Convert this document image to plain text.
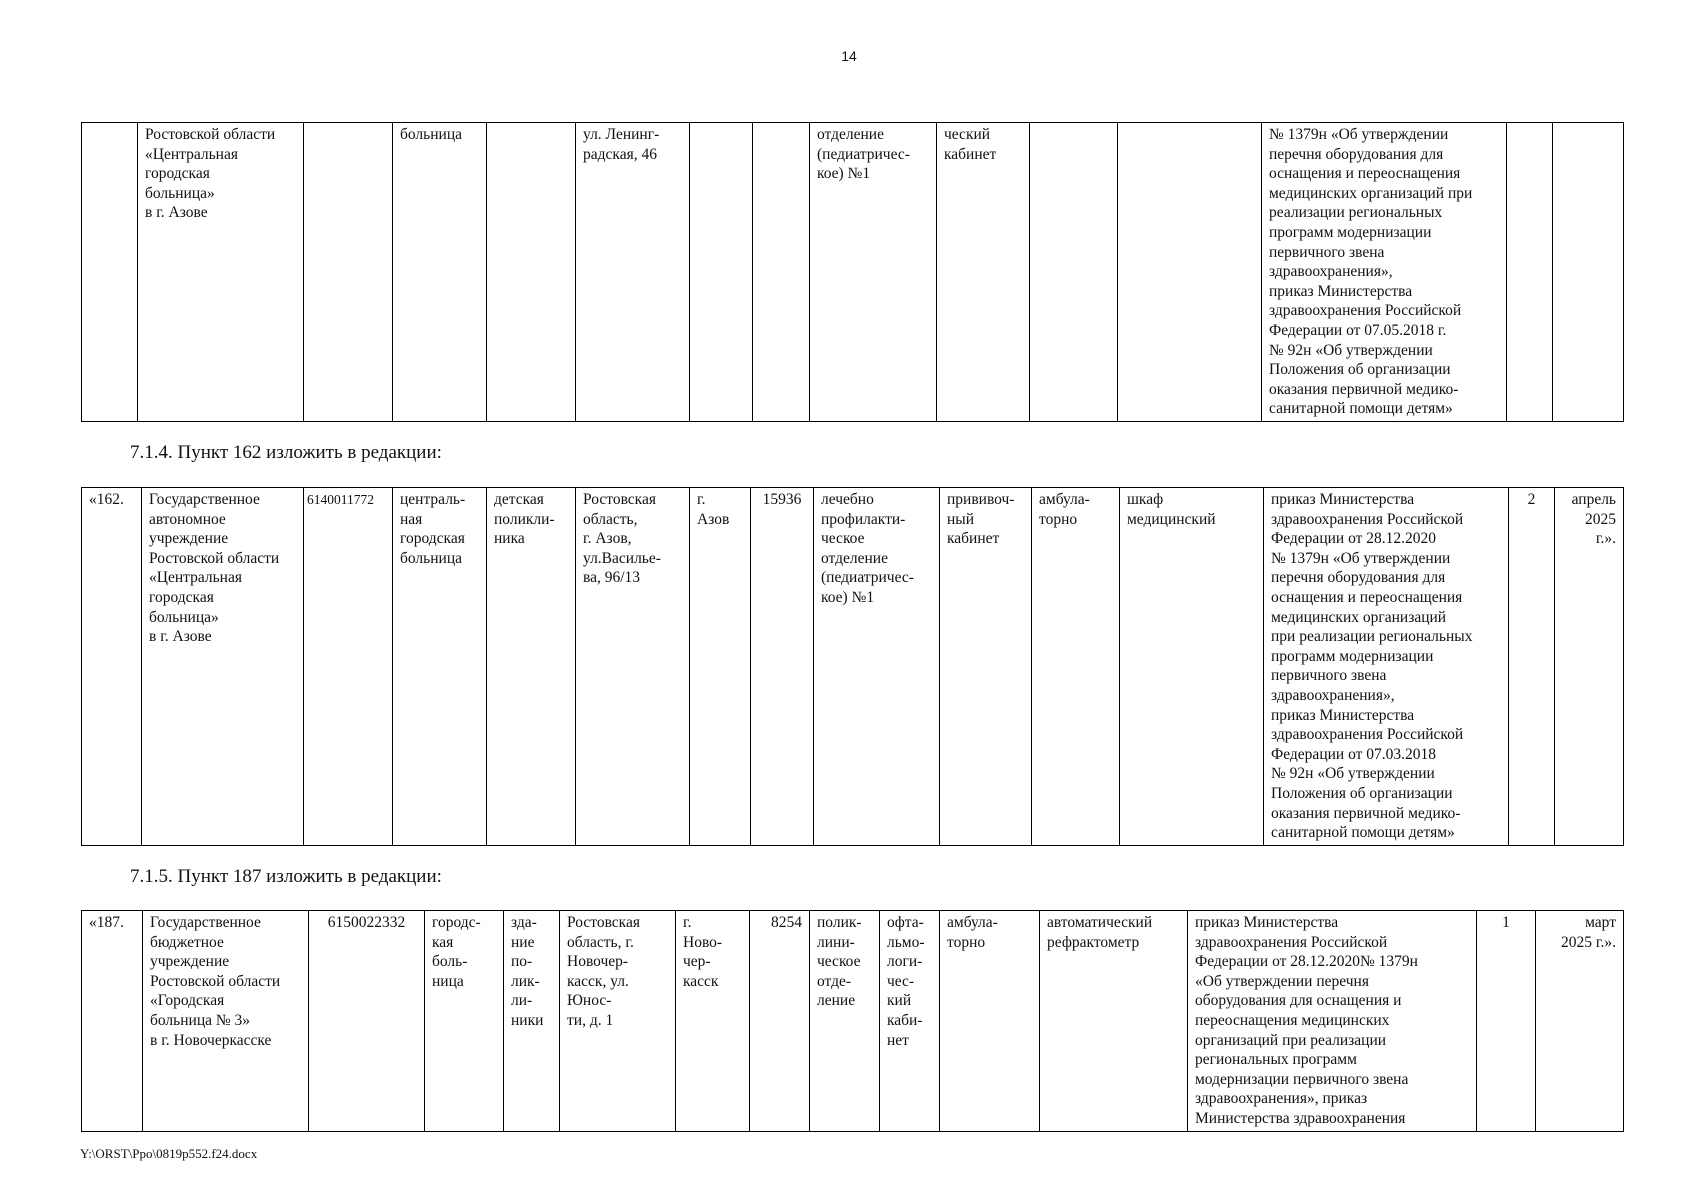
14
	Ростовской области
«Центральная
городская
больница»
в г. Азове		больница		ул. Ленинг-
радская, 46			отделение
(педиатричес-
кое) №1	ческий
кабинет			№ 1379н «Об утверждении
перечня оборудования для
оснащения и переоснащения
медицинских организаций при
реализации региональных
программ модернизации
первичного звена
здравоохранения»,
приказ Министерства
здравоохранения Российской
Федерации от 07.05.2018 г.
№ 92н «Об утверждении
Положения об организации
оказания первичной медико-
санитарной помощи детям»		
7.1.4. Пункт 162 изложить в редакции:
«162.	Государственное
автономное
учреждение
Ростовской области
«Центральная
городская
больница»
в г. Азове	6140011772	централь-
ная
городская
больница	детская
поликли-
ника	Ростовская
область,
г. Азов,
ул.Василье-
ва, 96/13	г.
Азов	15936	лечебно
профилакти-
ческое
отделение
(педиатричес-
кое) №1	прививоч-
ный
кабинет	амбула-
торно	шкаф
медицинский	приказ Министерства
здравоохранения Российской
Федерации от 28.12.2020
№ 1379н «Об утверждении
перечня оборудования для
оснащения и переоснащения
медицинских организаций
при реализации региональных
программ модернизации
первичного звена
здравоохранения»,
приказ Министерства
здравоохранения Российской
Федерации от 07.03.2018
№ 92н «Об утверждении
Положения об организации
оказания первичной медико-
санитарной помощи детям»	2	апрель
2025 г.».
7.1.5. Пункт 187 изложить в редакции:
«187.	Государственное
бюджетное
учреждение
Ростовской области
«Городская
больница № 3»
в г. Новочеркасске	6150022332	городс-
кая
боль-
ница	зда-
ние
по-
лик-
ли-
ники	Ростовская
область, г.
Новочер-
касск, ул.
Юнос-
ти, д. 1	г.
Ново-
чер-
касск	8254	полик-
лини-
ческое
отде-
ление	офта-
льмо-
логи-
чес-
кий
каби-
нет	амбула-
торно	автоматический
рефрактометр	приказ Министерства
здравоохранения Российской
Федерации от 28.12.2020№ 1379н
«Об утверждении перечня
оборудования для оснащения и
переоснащения медицинских
организаций при реализации
региональных программ
модернизации первичного звена
здравоохранения», приказ
Министерства здравоохранения	1	март
2025 г.».
Y:\ORST\Ppo\0819p552.f24.docx
